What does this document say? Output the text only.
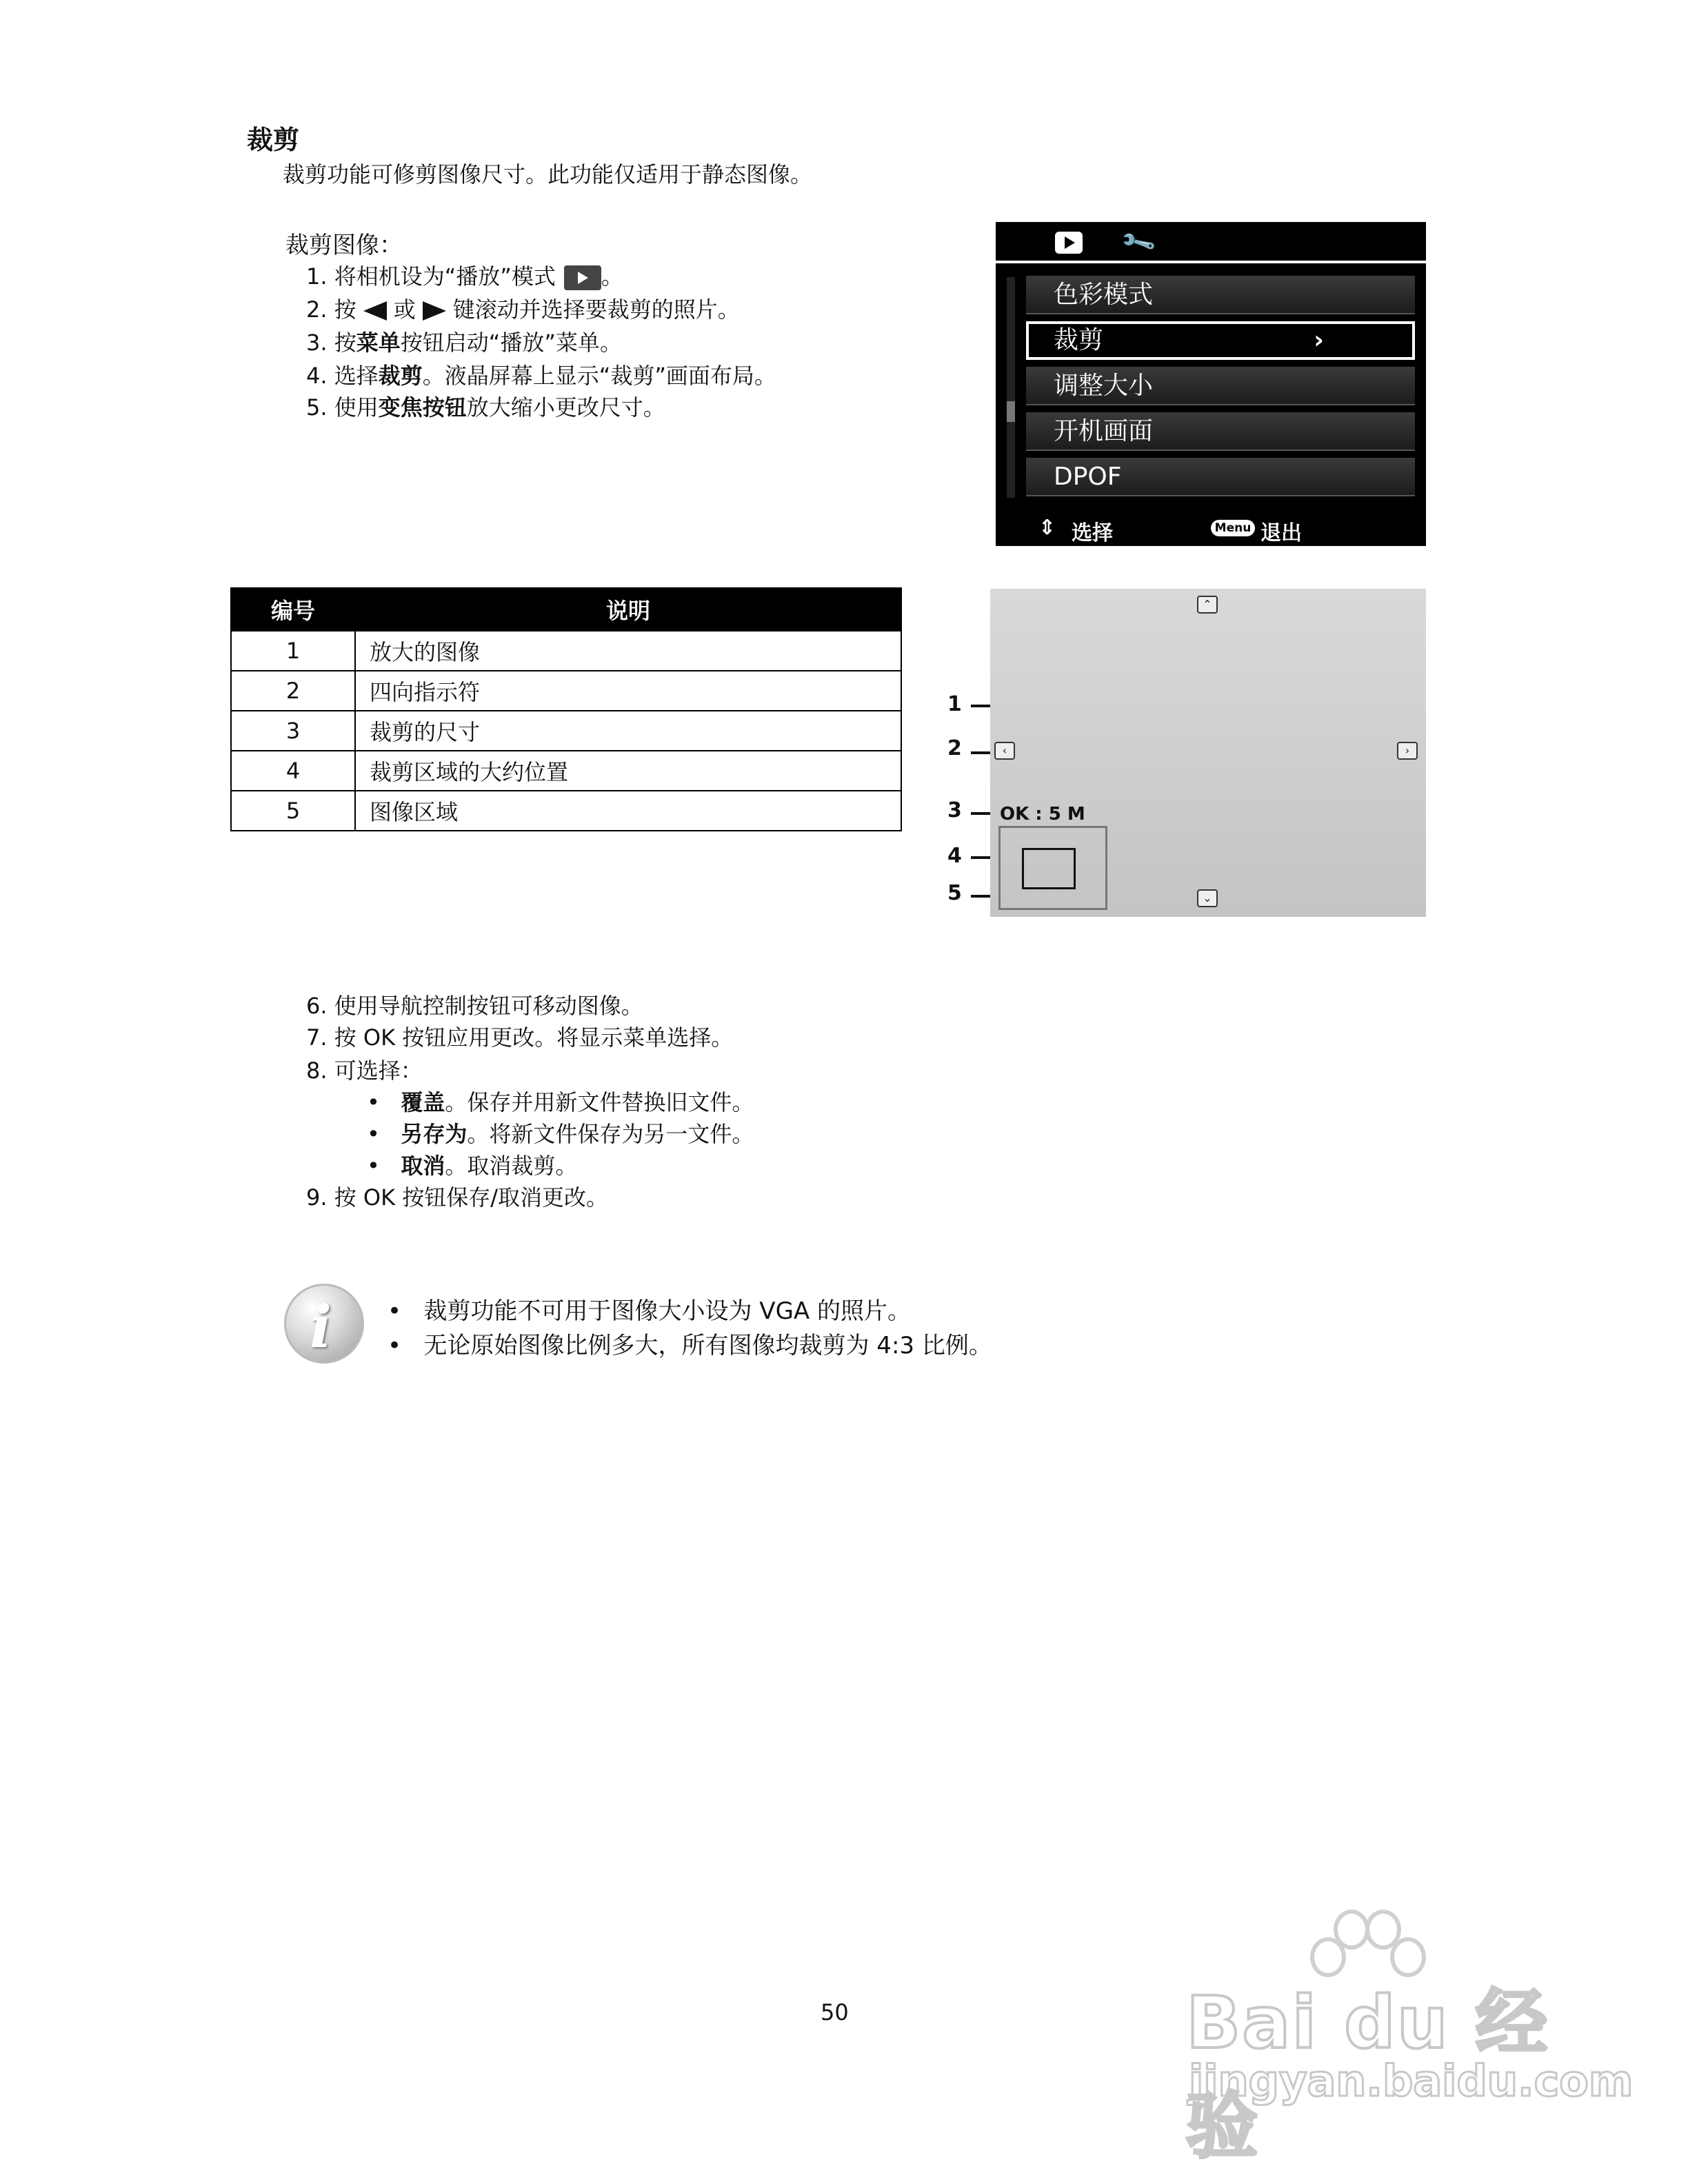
裁剪
裁剪功能可修剪图像尺寸。此功能仅适用于静态图像。
裁剪图像：
1. 将相机设为“播放”模式 。
2. 按 或 键滚动并选择要裁剪的照片。
3. 按菜单按钮启动“播放”菜单。
4. 选择裁剪。液晶屏幕上显示“裁剪”画面布局。
5. 使用变焦按钮放大缩小更改尺寸。
🔧
色彩模式
裁剪	›
调整大小
开机画面
DPOF
⇕ 选择	Menu 退出
编号	说明
1	放大的图像
2	四向指示符
3	裁剪的尺寸
4	裁剪区域的大约位置
5	图像区域
1
2
3
4
5
⌃
‹	›
⌄
OK : 5 M
6. 使用导航控制按钮可移动图像。
7. 按 OK 按钮应用更改。将显示菜单选择。
8. 可选择：
• 覆盖。保存并用新文件替换旧文件。
• 另存为。将新文件保存为另一文件。
• 取消。取消裁剪。
9. 按 OK 按钮保存/取消更改。
i • 裁剪功能不可用于图像大小设为 VGA 的照片。
• 无论原始图像比例多大，所有图像均裁剪为 4:3 比例。
50	Bai du 经验
jingyan.baidu.com
